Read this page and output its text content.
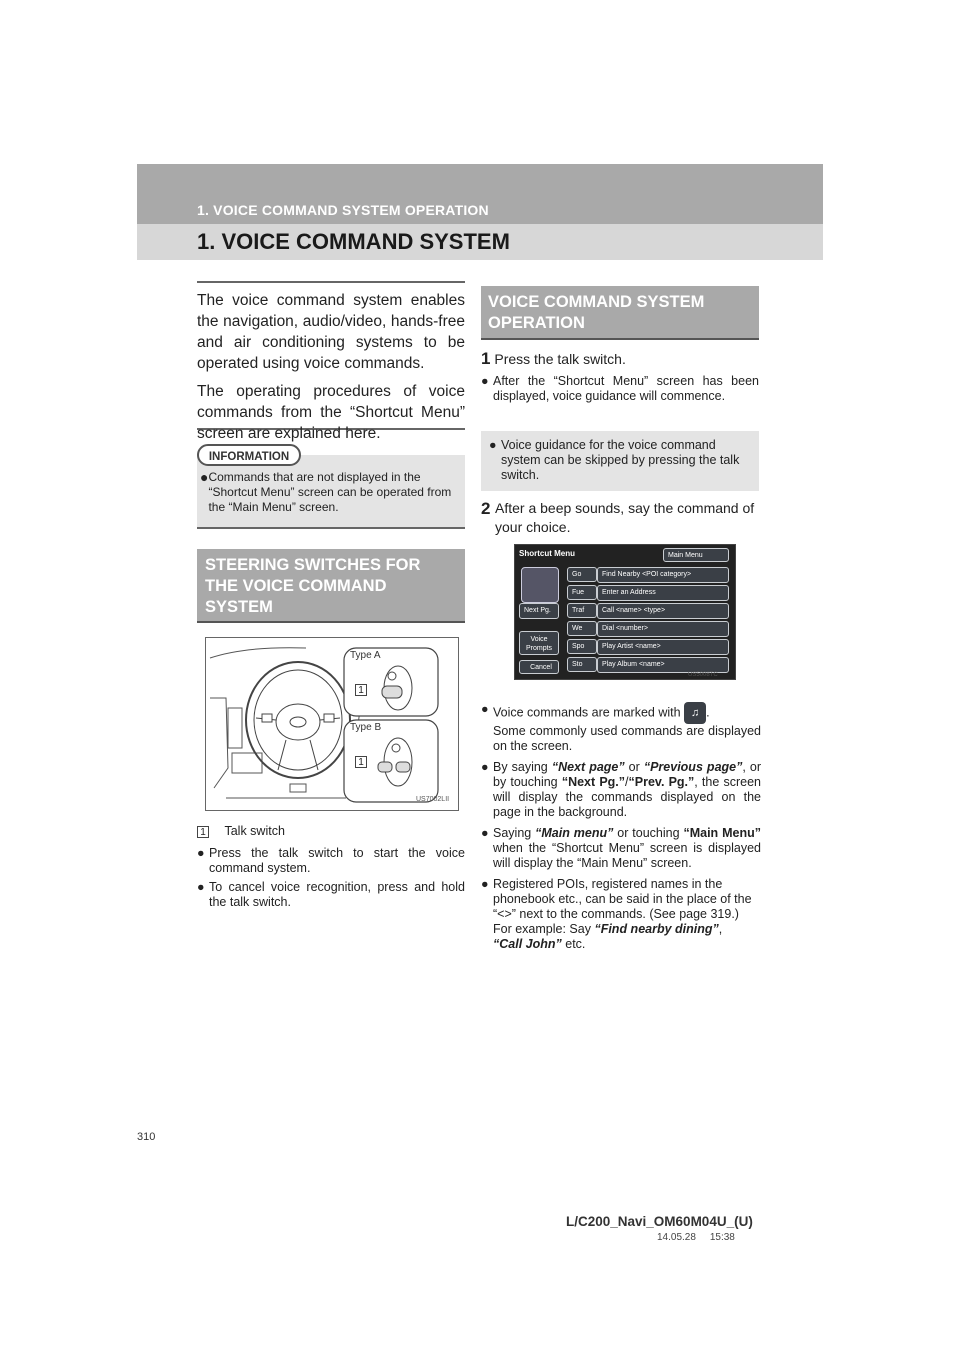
1. VOICE COMMAND SYSTEM OPERATION
1. VOICE COMMAND SYSTEM

The voice command system enables the navigation, audio/video, hands-free and air conditioning systems to be operated using voice commands.

The operating procedures of voice commands from the “Shortcut Menu” screen are explained here.

INFORMATION
● Commands that are not displayed in the “Shortcut Menu” screen can be operated from the “Main Menu” screen.
STEERING SWITCHES FOR THE VOICE COMMAND SYSTEM
Type A
Type B
1
1
US7002LII
1 Talk switch
● Press the talk switch to start the voice command system.
● To cancel voice recognition, press and hold the talk switch.
VOICE COMMAND SYSTEM OPERATION
1 Press the talk switch.
● After the “Shortcut Menu” screen has been displayed, voice guidance will commence.
● Voice guidance for the voice command system can be skipped by pressing the talk switch.
2 After a beep sounds, say the command of your choice.
Shortcut Menu	Main Menu
Next Pg.
Voice Prompts
Cancel
Go
Fue
Traf
We
Spo
Sto
Find Nearby <POI category>
Enter an Address
Call <name> <type>
Dial <number>
Play Artist <name>
Play Album <name>
US5008TC
● Voice commands are marked with ♫ .
Some commonly used commands are displayed on the screen.
● By saying “Next page” or “Previous page”, or by touching “Next Pg.”/“Prev. Pg.”, the screen will display the commands displayed on the page in the background.
● Saying “Main menu” or touching “Main Menu” when the “Shortcut Menu” screen is displayed will display the “Main Menu” screen.
● Registered POIs, registered names in the phonebook etc., can be said in the place of the “<>” next to the commands. (See page 319.)
For example: Say “Find nearby dining”,
“Call John” etc.
310
L/C200_Navi_OM60M04U_(U)
14.05.28     15:38
